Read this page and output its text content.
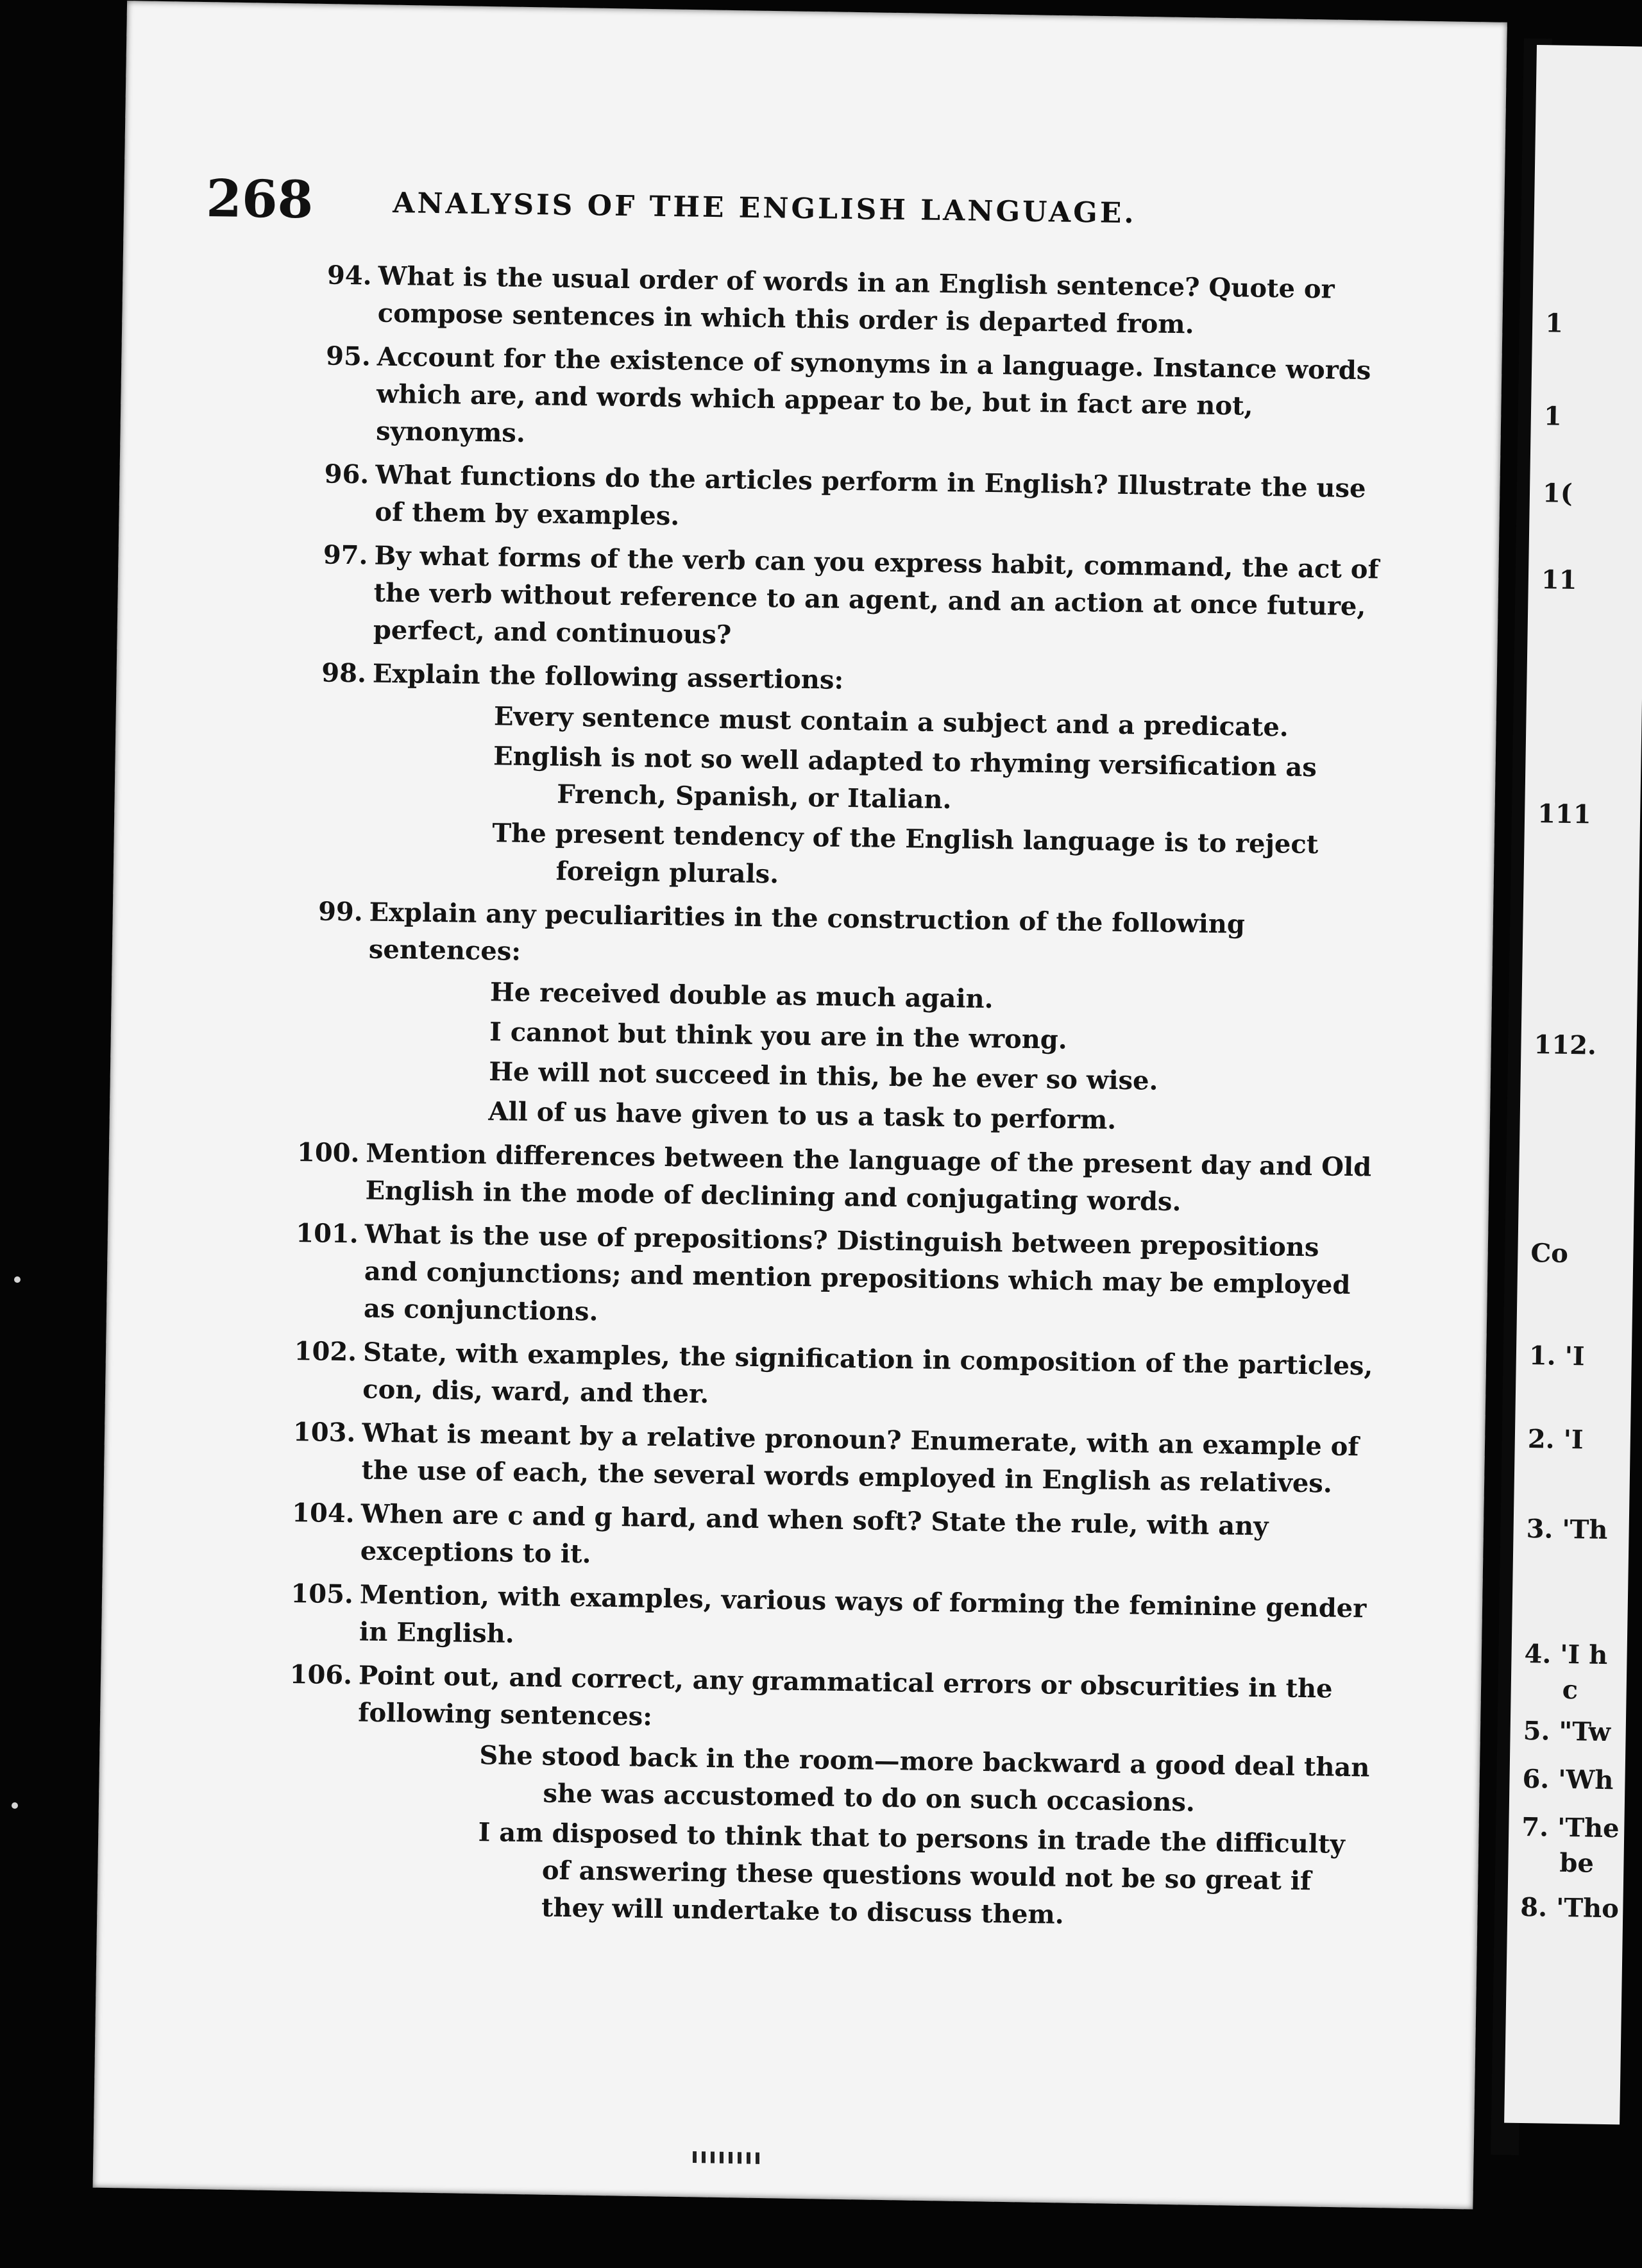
1
1
1(
11
111
112.
Co
1. 'I
2. 'I
3. 'Th
4. 'I h
c
5. "Tw
6. 'Wh
7. 'The
be
8. 'Tho
268	ANALYSIS OF THE ENGLISH LANGUAGE.
94. What is the usual order of words in an English sentence? Quote or compose sentences in which this order is departed from.
95. Account for the existence of synonyms in a language. Instance words which are, and words which appear to be, but in fact are not, synonyms.
96. What functions do the articles perform in English? Illustrate the use of them by examples.
97. By what forms of the verb can you express habit, command, the act of the verb without reference to an agent, and an action at once future, perfect, and continuous?
98. Explain the following assertions:
Every sentence must contain a subject and a predicate.
English is not so well adapted to rhyming versification as French, Spanish, or Italian.
The present tendency of the English language is to reject foreign plurals.
99. Explain any peculiarities in the construction of the following sentences:
He received double as much again.
I cannot but think you are in the wrong.
He will not succeed in this, be he ever so wise.
All of us have given to us a task to perform.
100. Mention differences between the language of the present day and Old English in the mode of declining and conjugating words.
101. What is the use of prepositions? Distinguish between prepositions and conjunctions; and mention prepositions which may be employed as conjunctions.
102. State, with examples, the signification in composition of the particles, con, dis, ward, and ther.
103. What is meant by a relative pronoun? Enumerate, with an example of the use of each, the several words employed in English as relatives.
104. When are c and g hard, and when soft? State the rule, with any exceptions to it.
105. Mention, with examples, various ways of forming the feminine gender in English.
106. Point out, and correct, any grammatical errors or obscurities in the following sentences:
She stood back in the room—more backward a good deal than she was accustomed to do on such occasions.
I am disposed to think that to persons in trade the difficulty of answering these questions would not be so great if they will undertake to discuss them.
